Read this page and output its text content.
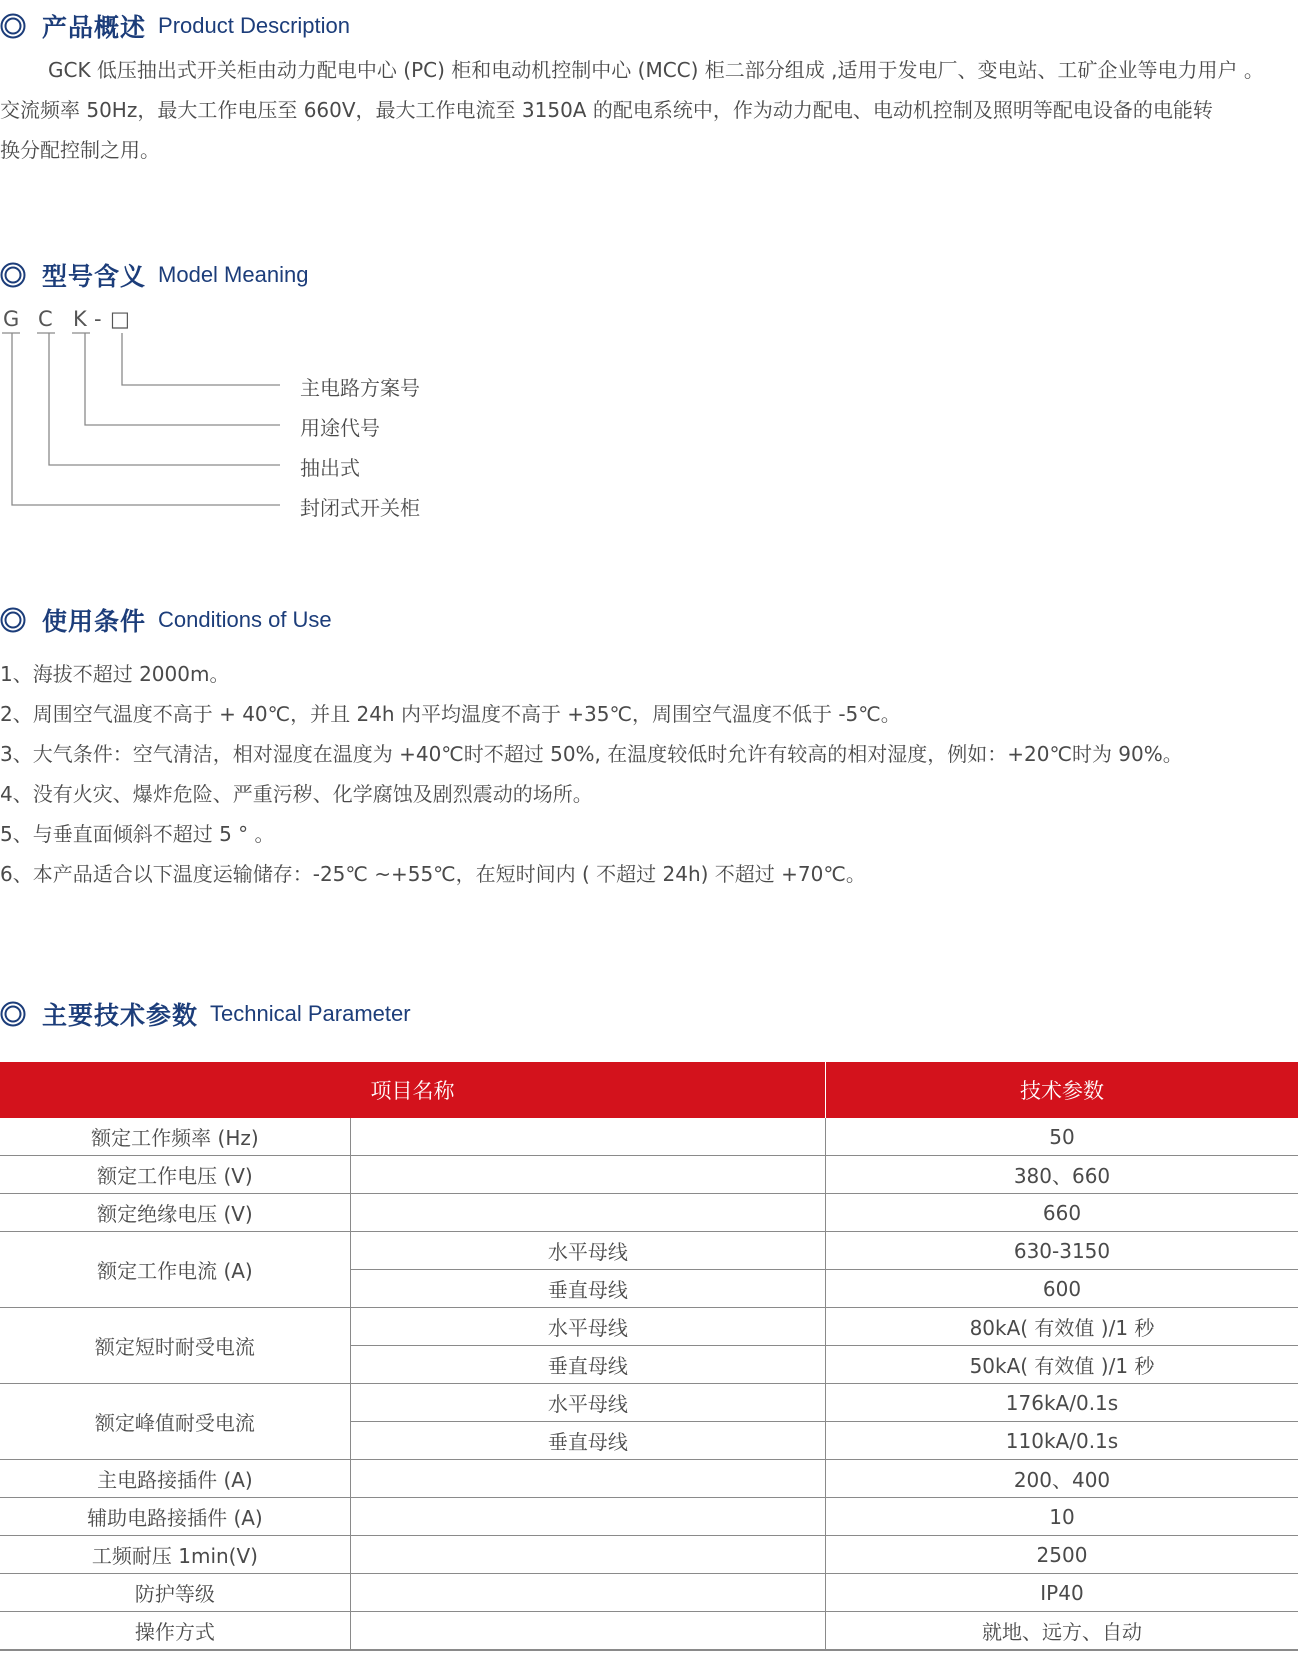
产品概述 Product Description

GCK 低压抽出式开关柜由动力配电中心 (PC) 柜和电动机控制中心 (MCC) 柜二部分组成 ,适用于发电厂、变电站、工矿企业等电力用户 。

交流频率 50Hz，最大工作电压至 660V，最大工作电流至 3150A 的配电系统中，作为动力配电、电动机控制及照明等配电设备的电能转

换分配控制之用。

型号含义 Model Meaning
G C K - □
主电路方案号
用途代号
抽出式
封闭式开关柜
使用条件 Conditions of Use
1、海拔不超过 2000m。
2、周围空气温度不高于 + 40℃，并且 24h 内平均温度不高于 +35℃，周围空气温度不低于 -5℃。
3、大气条件：空气清洁，相对湿度在温度为 +40℃时不超过 50%, 在温度较低时允许有较高的相对湿度，例如：+20℃时为 90%。
4、没有火灾、爆炸危险、严重污秽、化学腐蚀及剧烈震动的场所。
5、与垂直面倾斜不超过 5 ° 。
6、本产品适合以下温度运输储存：-25℃ ~+55℃，在短时间内 ( 不超过 24h) 不超过 +70℃。
主要技术参数 Technical Parameter
项目名称		技术参数
额定工作频率 (Hz)		50
额定工作电压 (V)		380、660
额定绝缘电压 (V)		660
额定工作电流 (A)	水平母线	630-3150
	垂直母线	600
额定短时耐受电流	水平母线	80kA( 有效值 )/1 秒
	垂直母线	50kA( 有效值 )/1 秒
额定峰值耐受电流	水平母线	176kA/0.1s
	垂直母线	110kA/0.1s
主电路接插件 (A)		200、400
辅助电路接插件 (A)		10
工频耐压 1min(V)		2500
防护等级		IP40
操作方式		就地、远方、自动
